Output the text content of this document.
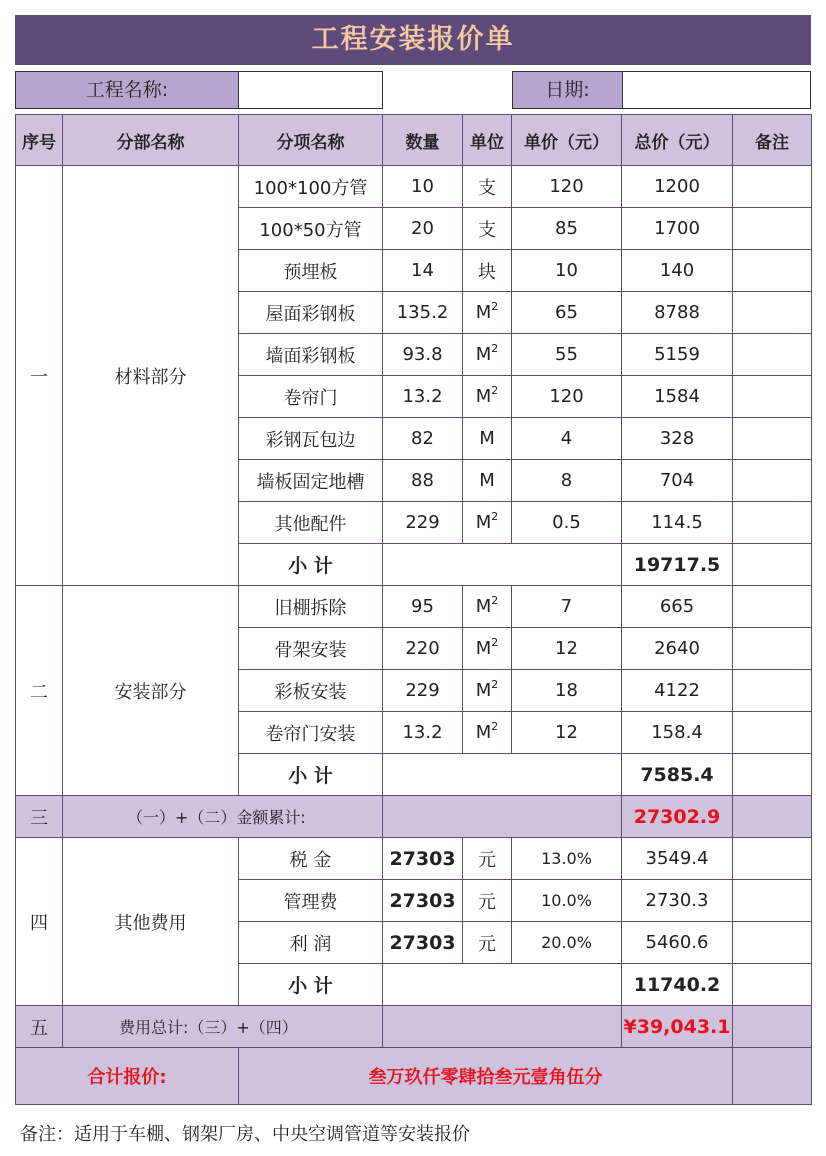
工程安装报价单
工程名称:	日期:
序号	分部名称	分项名称	数量	单位	单价（元）	总价（元）	备注
一	材料部分	100*100方管	10	支	120	1200	
		100*50方管	20	支	85	1700	
		预埋板	14	块	10	140	
		屋面彩钢板	135.2	$M^2$	65	8788	
		墙面彩钢板	93.8	$M^2$	55	5159	
		卷帘门	13.2	$M^2$	120	1584	
		彩钢瓦包边	82	M	4	328	
		墙板固定地槽	88	M	8	704	
		其他配件	229	$M^2$	0.5	114.5	
		小 计				19717.5	
二	安装部分	旧棚拆除	95	$M^2$	7	665	
		骨架安装	220	$M^2$	12	2640	
		彩板安装	229	$M^2$	18	4122	
		卷帘门安装	13.2	$M^2$	12	158.4	
		小 计				7585.4	
三	（一）+（二）金额累计:					27302.9	
四	其他费用	税 金	27303	元	13.0%	3549.4	
		管理费	27303	元	10.0%	2730.3	
		利 润	27303	元	20.0%	5460.6	
		小 计				11740.2	
五	费用总计:（三）+（四）					¥39,043.1	
合计报价:		叁万玖仟零肆拾叁元壹角伍分					
备注：适用于车棚、钢架厂房、中央空调管道等安装报价
